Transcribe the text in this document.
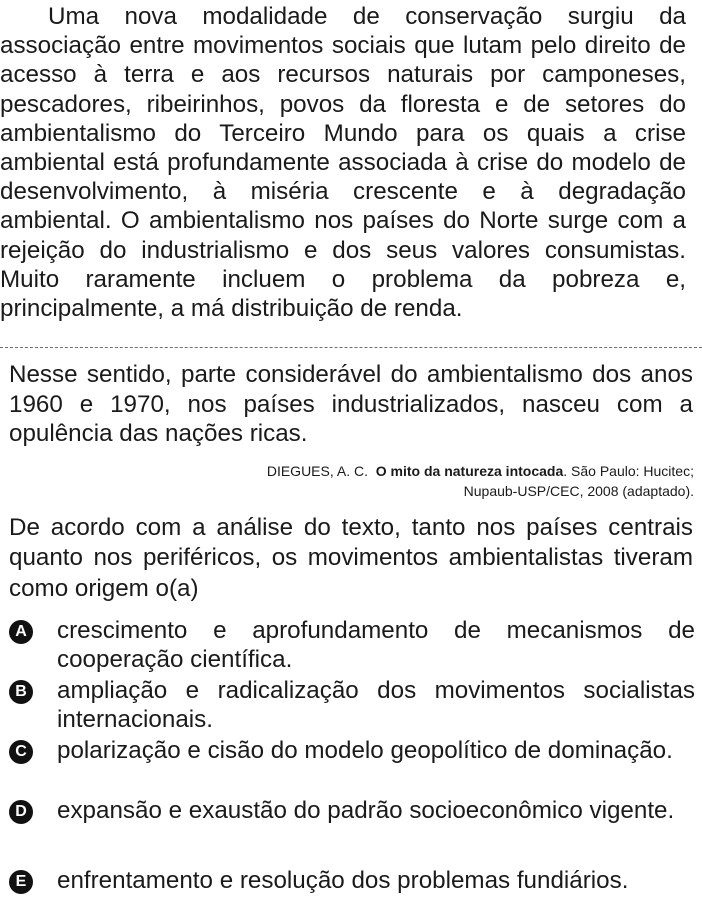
Uma nova modalidade de conservação surgiu da associação entre movimentos sociais que lutam pelo direito de acesso à terra e aos recursos naturais por camponeses, pescadores, ribeirinhos, povos da floresta e de setores do ambientalismo do Terceiro Mundo para os quais a crise ambiental está profundamente associada à crise do modelo de desenvolvimento, à miséria crescente e à degradação ambiental. O ambientalismo nos países do Norte surge com a rejeição do industrialismo e dos seus valores consumistas. Muito raramente incluem o problema da pobreza e, principalmente, a má distribuição de renda.

Nesse sentido, parte considerável do ambientalismo dos anos 1960 e 1970, nos países industrializados, nasceu com a opulência das nações ricas.

DIEGUES, A. C. O mito da natureza intocada. São Paulo: Hucitec;
Nupaub-USP/CEC, 2008 (adaptado).

De acordo com a análise do texto, tanto nos países centrais quanto nos periféricos, os movimentos ambientalistas tiveram como origem o(a)

A crescimento e aprofundamento de mecanismos de cooperação científica.
B ampliação e radicalização dos movimentos socialistas internacionais.
C polarização e cisão do modelo geopolítico de dominação.
D expansão e exaustão do padrão socioeconômico vigente.
E enfrentamento e resolução dos problemas fundiários.
